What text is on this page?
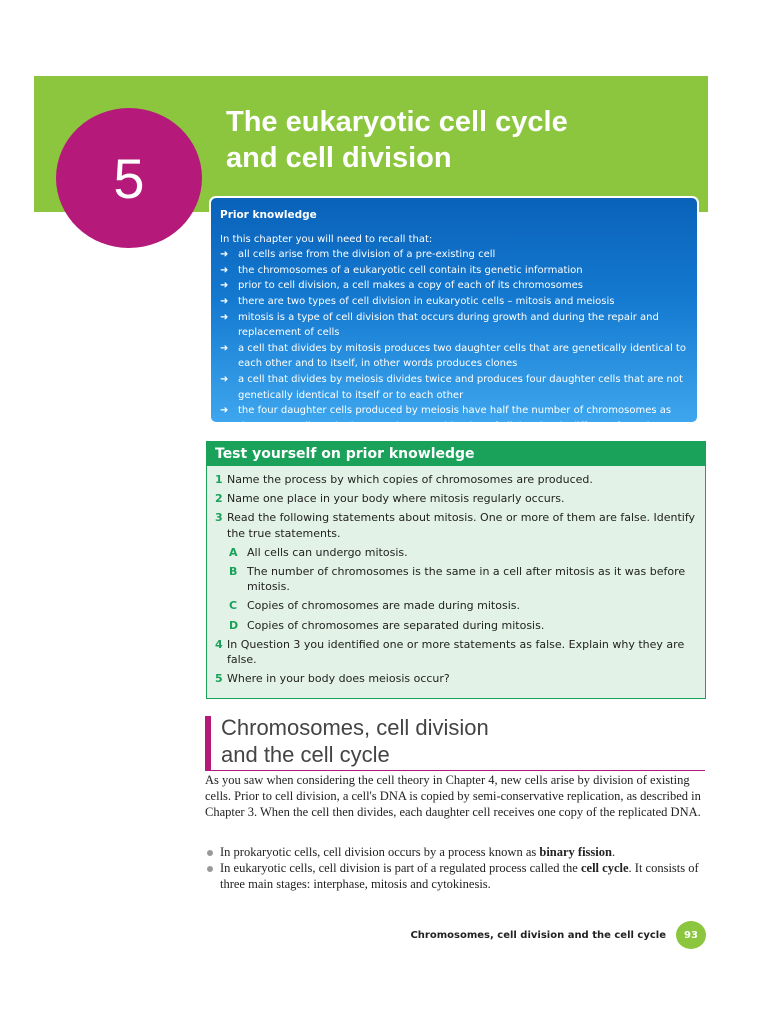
5
The eukaryotic cell cycle
and cell division
Prior knowledge
In this chapter you will need to recall that:
➜ all cells arise from the division of a pre-existing cell
➜ the chromosomes of a eukaryotic cell contain its genetic information
➜ prior to cell division, a cell makes a copy of each of its chromosomes
➜ there are two types of cell division in eukaryotic cells – mitosis and meiosis
➜ mitosis is a type of cell division that occurs during growth and during the repair and replacement of cells
➜ a cell that divides by mitosis produces two daughter cells that are genetically identical to each other and to itself, in other words produces clones
➜ a cell that divides by meiosis divides twice and produces four daughter cells that are not genetically identical to itself or to each other
➜ the four daughter cells produced by meiosis have half the number of chromosomes as the parent cell. Each also contains a combination of alleles that is different from the
Test yourself on prior knowledge
1 Name the process by which copies of chromosomes are produced.
2 Name one place in your body where mitosis regularly occurs.
3 Read the following statements about mitosis. One or more of them are false. Identify the true statements.
A All cells can undergo mitosis.
B The number of chromosomes is the same in a cell after mitosis as it was before mitosis.
C Copies of chromosomes are made during mitosis.
D Copies of chromosomes are separated during mitosis.
4 In Question 3 you identified one or more statements as false. Explain why they are false.
5 Where in your body does meiosis occur?
Chromosomes, cell division
and the cell cycle
As you saw when considering the cell theory in Chapter 4, new cells arise by division of existing cells. Prior to cell division, a cell's DNA is copied by semi-conservative replication, as described in Chapter 3. When the cell then divides, each daughter cell receives one copy of the replicated DNA.
In prokaryotic cells, cell division occurs by a process known as binary fission.
In eukaryotic cells, cell division is part of a regulated process called the cell cycle. It consists of three main stages: interphase, mitosis and cytokinesis.
Chromosomes, cell division and the cell cycle	93
